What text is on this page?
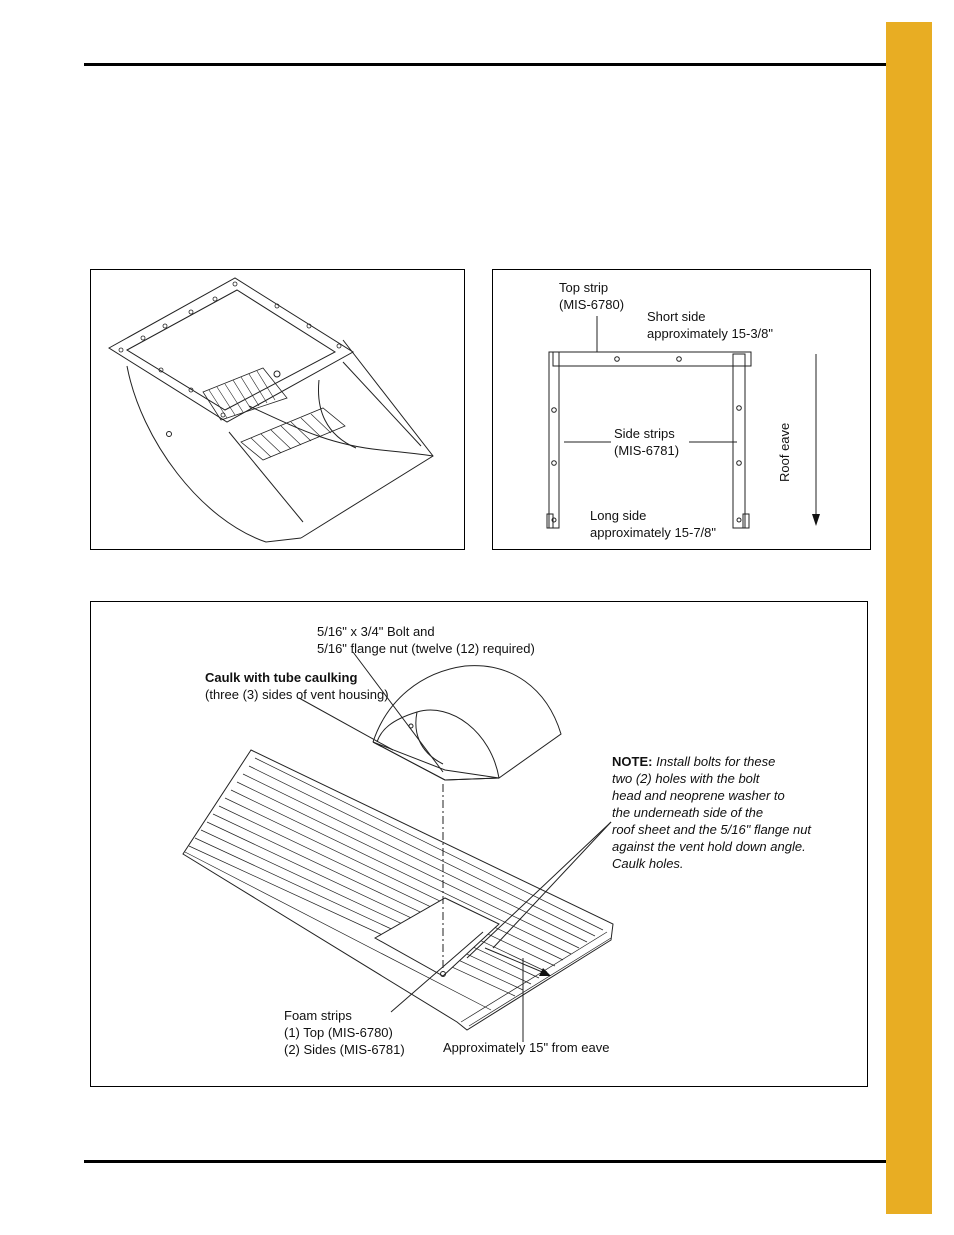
Top strip
(MIS-6780)
Short side
approximately 15-3/8"
Side strips
(MIS-6781)
Long side
approximately 15-7/8"
Roof eave
5/16" x 3/4" Bolt and
5/16" flange nut (twelve (12) required)
Caulk with tube caulking
(three (3) sides of vent housing)
NOTE: Install bolts for these
two (2) holes with the bolt
head and neoprene washer to
the underneath side of the
roof sheet and the 5/16" flange nut
against the vent hold down angle.
Caulk holes.
Foam strips
(1) Top (MIS-6780)
(2) Sides (MIS-6781)	Approximately 15" from eave
